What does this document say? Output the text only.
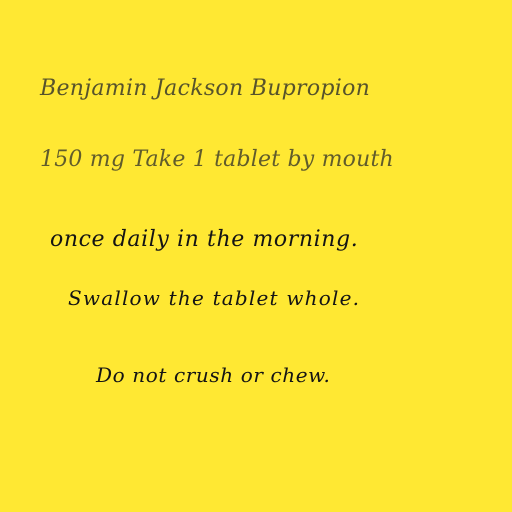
Benjamin Jackson Bupropion
150 mg Take 1 tablet by mouth
once daily in the morning.
Swallow the tablet whole.
Do not crush or chew.
